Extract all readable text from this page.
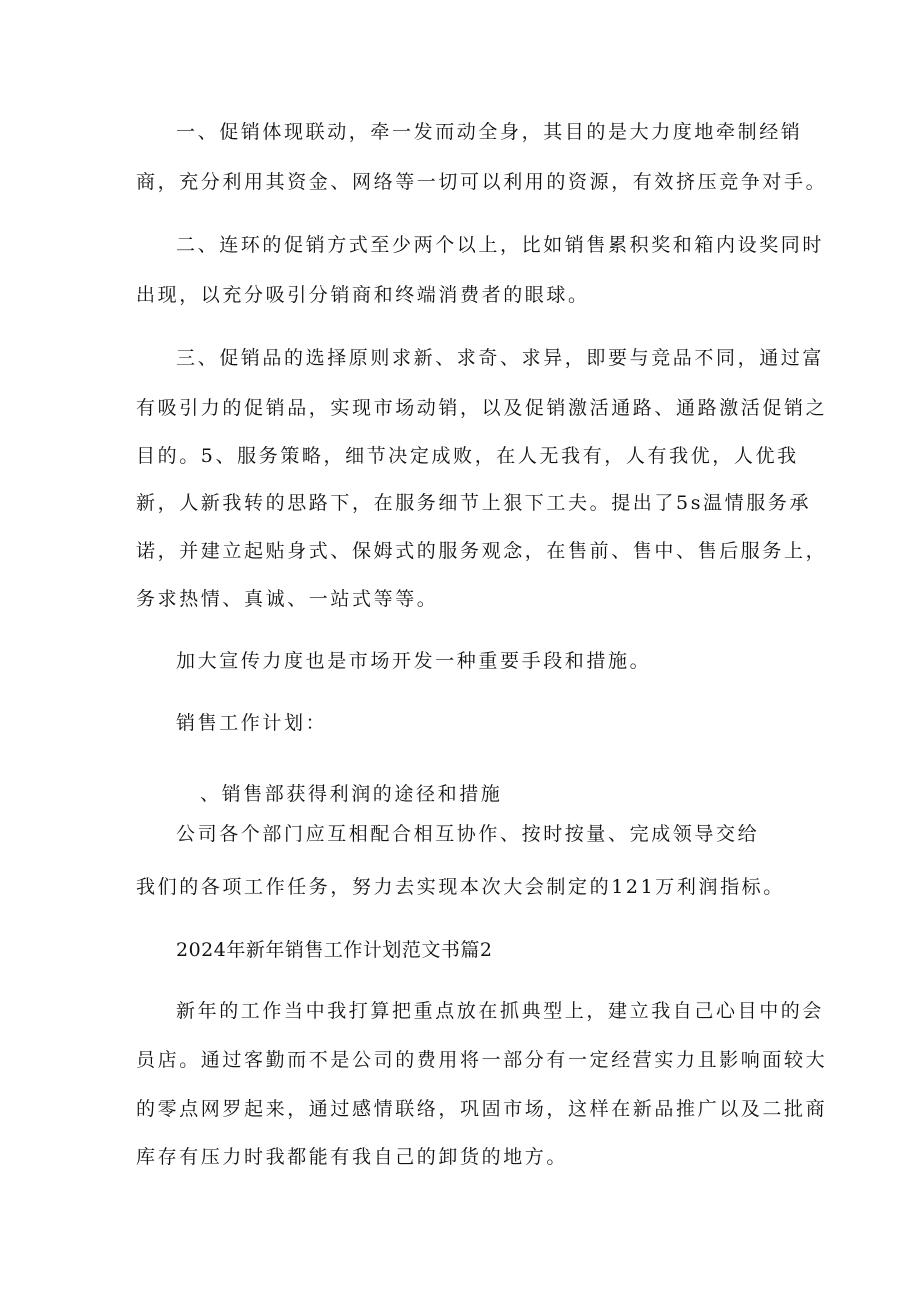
一、促销体现联动，牵一发而动全身，其目的是大力度地牵制经销
商，充分利用其资金、网络等一切可以利用的资源，有效挤压竞争对手。
二、连环的促销方式至少两个以上，比如销售累积奖和箱内设奖同时
出现，以充分吸引分销商和终端消费者的眼球。
三、促销品的选择原则求新、求奇、求异，即要与竞品不同，通过富
有吸引力的促销品，实现市场动销，以及促销激活通路、通路激活促销之
目的。5、服务策略，细节决定成败，在人无我有，人有我优，人优我
新，人新我转的思路下，在服务细节上狠下工夫。提出了5s温情服务承
诺，并建立起贴身式、保姆式的服务观念，在售前、售中、售后服务上，
务求热情、真诚、一站式等等。
加大宣传力度也是市场开发一种重要手段和措施。
销售工作计划：
、销售部获得利润的途径和措施
公司各个部门应互相配合相互协作、按时按量、完成领导交给
我们的各项工作任务，努力去实现本次大会制定的121万利润指标。
2024年新年销售工作计划范文书篇2
新年的工作当中我打算把重点放在抓典型上，建立我自己心目中的会
员店。通过客勤而不是公司的费用将一部分有一定经营实力且影响面较大
的零点网罗起来，通过感情联络，巩固市场，这样在新品推广以及二批商
库存有压力时我都能有我自己的卸货的地方。
